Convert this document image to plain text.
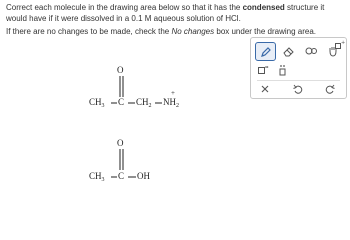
Correct each molecule in the drawing area below so that it has the condensed structure it would have if it were dissolved in a 0.1 M aqueous solution of HCl.
If there are no changes to be made, check the No changes box under the drawing area.
O
$CH_3$ C $CH_2$ $NH_2$
+
O
$CH_3$ C OH
+
